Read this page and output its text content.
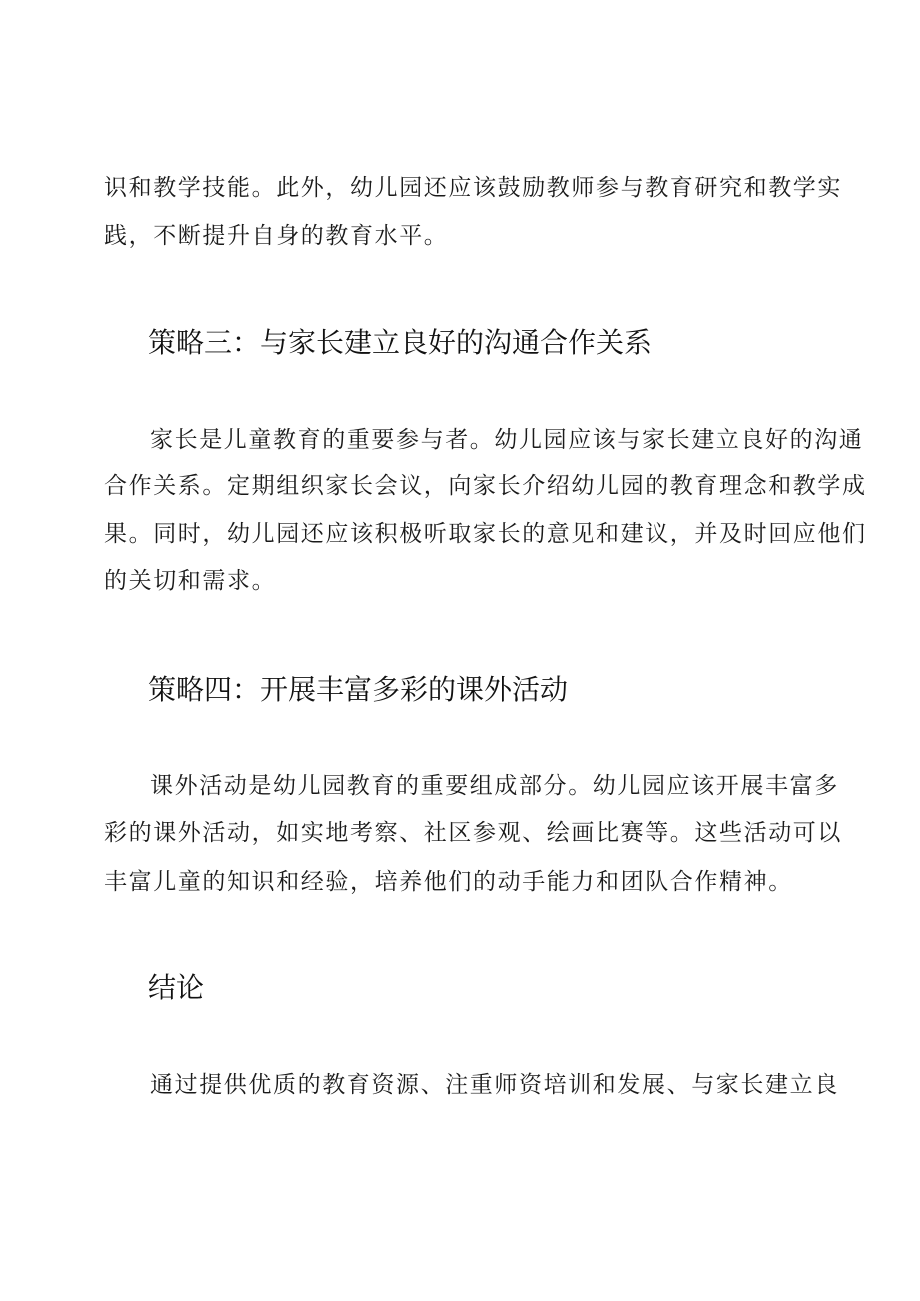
识和教学技能。此外，幼儿园还应该鼓励教师参与教育研究和教学实
践，不断提升自身的教育水平。
策略三：与家长建立良好的沟通合作关系
家长是儿童教育的重要参与者。幼儿园应该与家长建立良好的沟通
合作关系。定期组织家长会议，向家长介绍幼儿园的教育理念和教学成
果。同时，幼儿园还应该积极听取家长的意见和建议，并及时回应他们
的关切和需求。
策略四：开展丰富多彩的课外活动
课外活动是幼儿园教育的重要组成部分。幼儿园应该开展丰富多
彩的课外活动，如实地考察、社区参观、绘画比赛等。这些活动可以
丰富儿童的知识和经验，培养他们的动手能力和团队合作精神。
结论
通过提供优质的教育资源、注重师资培训和发展、与家长建立良
